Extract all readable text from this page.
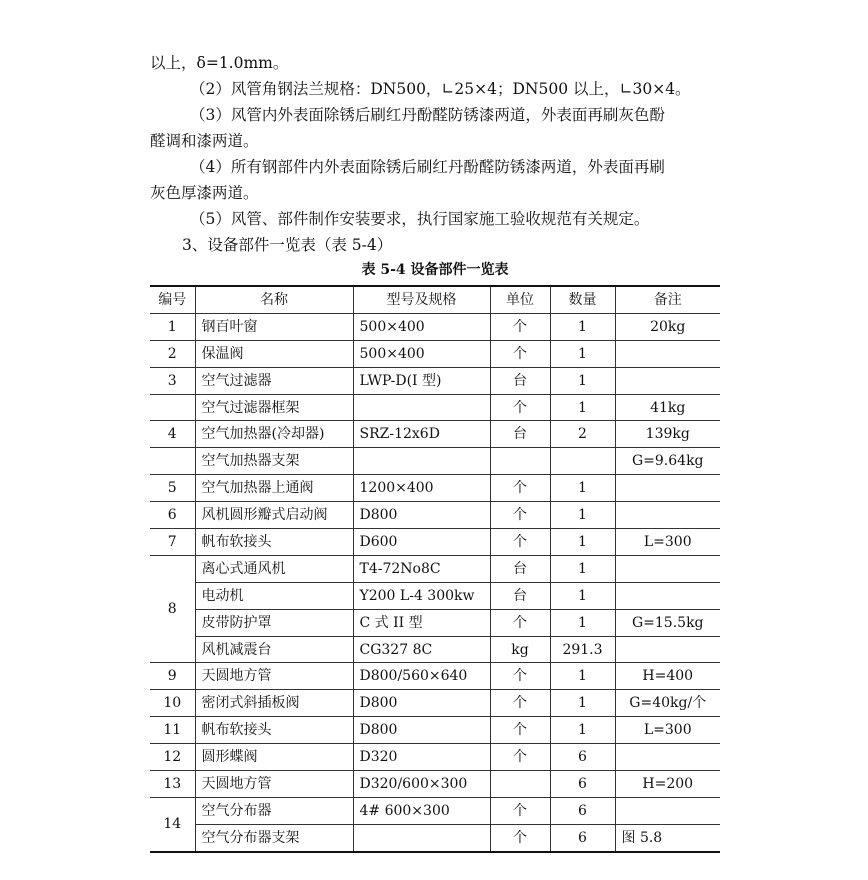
以上，δ=1.0mm。
（2）风管角钢法兰规格：DN500，∟25×4；DN500 以上，∟30×4。
（3）风管内外表面除锈后刷红丹酚醛防锈漆两道，外表面再刷灰色酚
醛调和漆两道。
（4）所有钢部件内外表面除锈后刷红丹酚醛防锈漆两道，外表面再刷
灰色厚漆两道。
（5）风管、部件制作安装要求，执行国家施工验收规范有关规定。
3、设备部件一览表（表 5-4）
表 5-4 设备部件一览表
编号	名称	型号及规格	单位	数量	备注
1	钢百叶窗	500×400	个	1	20kg
2	保温阀	500×400	个	1	
3	空气过滤器	LWP-D(I 型)	台	1	
	空气过滤器框架		个	1	41kg
4	空气加热器(冷却器)	SRZ-12x6D	台	2	139kg
	空气加热器支架				G=9.64kg
5	空气加热器上通阀	1200×400	个	1	
6	风机圆形瓣式启动阀	D800	个	1	
7	帆布软接头	D600	个	1	L=300
8	离心式通风机	T4-72No8C	台	1	
	电动机	Y200 L-4 300kw	台	1	
	皮带防护罩	C 式 II 型	个	1	G=15.5kg
	风机减震台	CG327 8C	kg	291.3	
9	天圆地方管	D800/560×640	个	1	H=400
10	密闭式斜插板阀	D800	个	1	G=40kg/个
11	帆布软接头	D800	个	1	L=300
12	圆形蝶阀	D320	个	6	
13	天圆地方管	D320/600×300		6	H=200
14	空气分布器	4# 600×300	个	6	
	空气分布器支架		个	6	图 5.8
